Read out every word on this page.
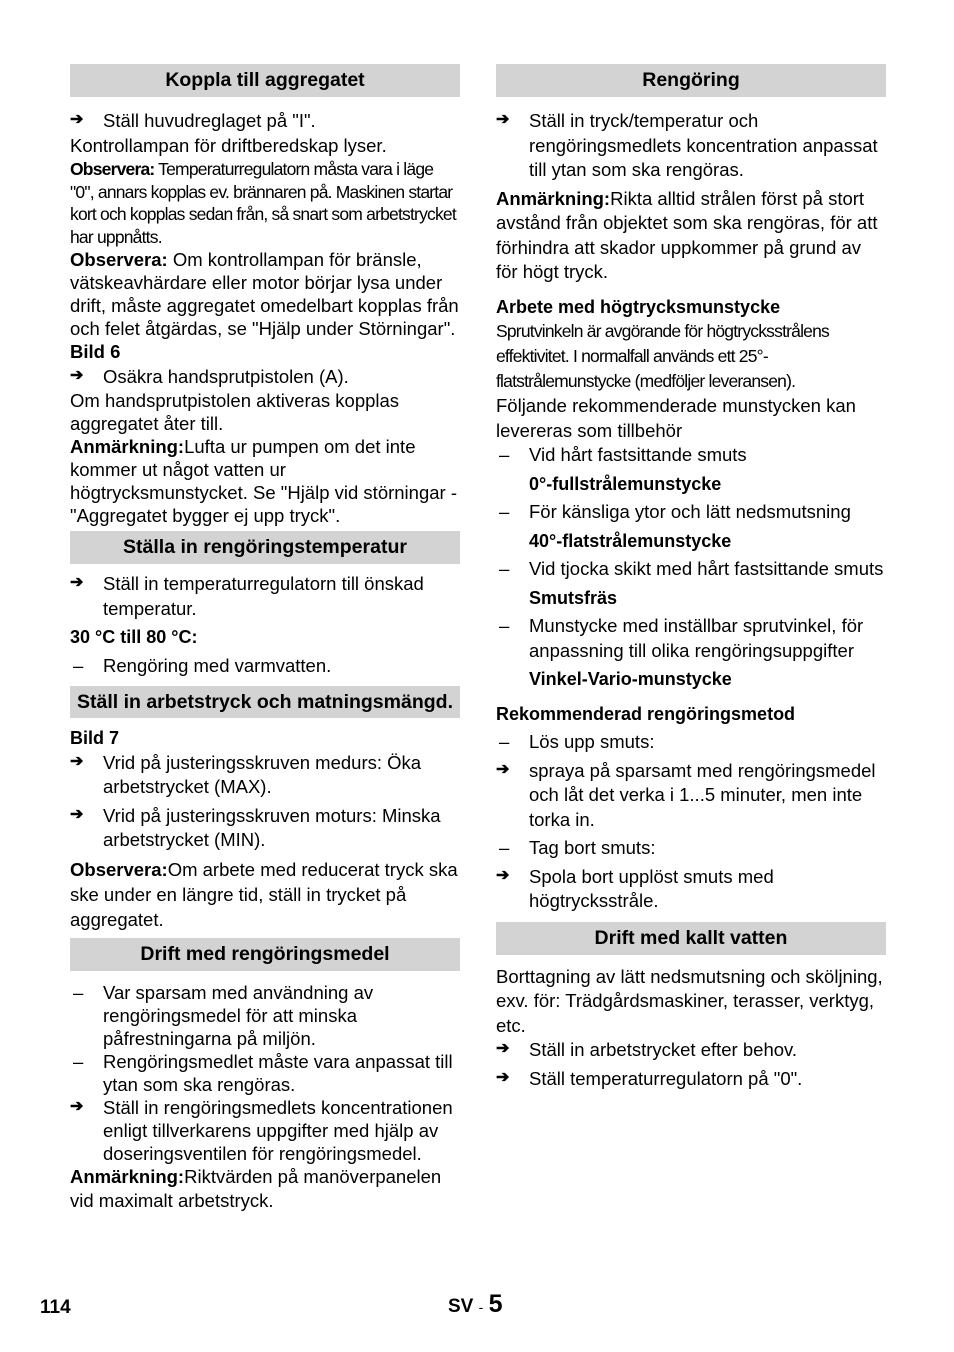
Koppla till aggregatet
➔	Ställ huvudreglaget på "I".
Kontrollampan för driftberedskap lyser.
Observera: Temperaturregulatorn måsta vara i läge "0", annars kopplas ev. brännaren på. Maskinen startar kort och kopplas sedan från, så snart som arbetstrycket har uppnåtts.
Observera: Om kontrollampan för bränsle, vätskeavhärdare eller motor börjar lysa under drift, måste aggregatet omedelbart kopplas från och felet åtgärdas, se "Hjälp under Störningar".
Bild 6
➔	Osäkra handsprutpistolen (A).
Om handsprutpistolen aktiveras kopplas aggregatet åter till.
Anmärkning:Lufta ur pumpen om det inte kommer ut något vatten ur högtrycksmunstycket. Se "Hjälp vid störningar - "Aggregatet bygger ej upp tryck".
Ställa in rengöringstemperatur
➔	Ställ in temperaturregulatorn till önskad temperatur.
30 °C till 80 °C:
–	Rengöring med varmvatten.
Ställ in arbetstryck och matningsmängd.
Bild 7
➔	Vrid på justeringsskruven medurs: Öka arbetstrycket (MAX).
➔	Vrid på justeringsskruven moturs: Minska arbetstrycket (MIN).
Observera:Om arbete med reducerat tryck ska ske under en längre tid, ställ in trycket på aggregatet.
Drift med rengöringsmedel
–	Var sparsam med användning av rengöringsmedel för att minska påfrestningarna på miljön.
–	Rengöringsmedlet måste vara anpassat till ytan som ska rengöras.
➔	Ställ in rengöringsmedlets koncentrationen enligt tillverkarens uppgifter med hjälp av doseringsventilen för rengöringsmedel.
Anmärkning:Riktvärden på manöverpanelen vid maximalt arbetstryck.
Rengöring
➔	Ställ in tryck/temperatur och rengöringsmedlets koncentration anpassat till ytan som ska rengöras.
Anmärkning:Rikta alltid strålen först på stort avstånd från objektet som ska rengöras, för att förhindra att skador uppkommer på grund av för högt tryck.
Arbete med högtrycksmunstycke
Sprutvinkeln är avgörande för högtrycksstrålens effektivitet. I normalfall används ett 25°-flatstrålemunstycke (medföljer leveransen).
Följande rekommenderade munstycken kan levereras som tillbehör
–	Vid hårt fastsittande smuts
0°-fullstrålemunstycke
–	För känsliga ytor och lätt nedsmutsning
40°-flatstrålemunstycke
–	Vid tjocka skikt med hårt fastsittande smuts
Smutsfräs
–	Munstycke med inställbar sprutvinkel, för anpassning till olika rengöringsuppgifter
Vinkel-Vario-munstycke
Rekommenderad rengöringsmetod
–	Lös upp smuts:
➔	spraya på sparsamt med rengöringsmedel och låt det verka i 1...5 minuter, men inte torka in.
–	Tag bort smuts:
➔	Spola bort upplöst smuts med högtrycksstråle.
Drift med kallt vatten
Borttagning av lätt nedsmutsning och sköljning, exv. för: Trädgårdsmaskiner, terasser, verktyg, etc.
➔	Ställ in arbetstrycket efter behov.
➔	Ställ temperaturregulatorn på "0".
114	SV - 5
